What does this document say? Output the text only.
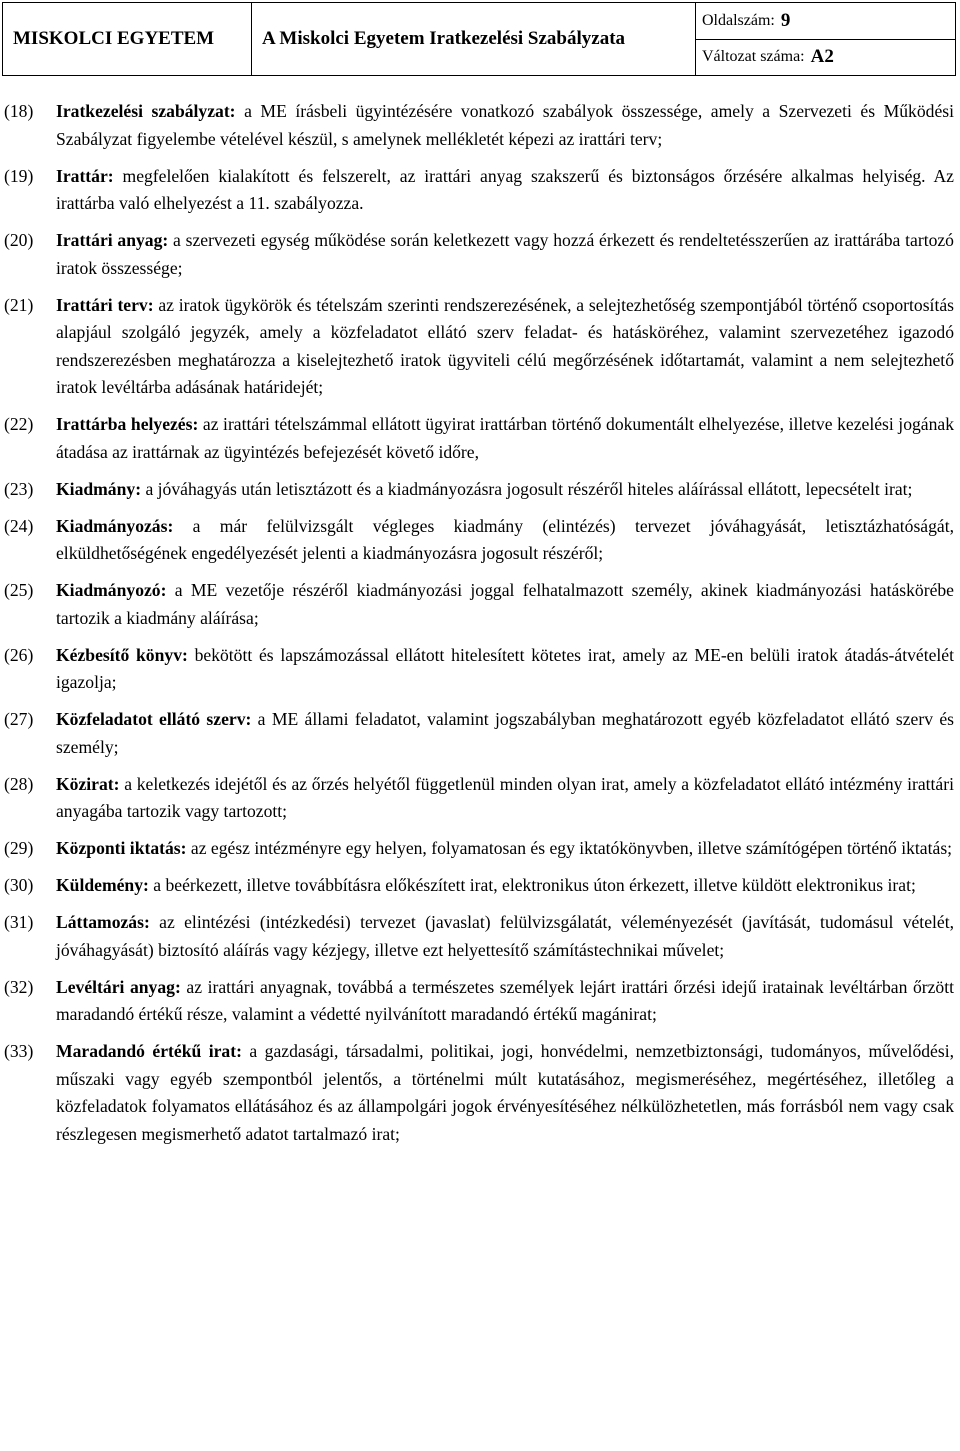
MISKOLCI EGYETEM	A Miskolci Egyetem Iratkezelési Szabályzata
Oldalszám: 9
Változat száma: A2
(18)	Iratkezelési szabályzat: a ME írásbeli ügyintézésére vonatkozó szabályok összessége, amely a Szervezeti és Működési Szabályzat figyelembe vételével készül, s amelynek mellékletét képezi az irattári terv;
(19)	Irattár: megfelelően kialakított és felszerelt, az irattári anyag szakszerű és biztonságos őrzésére alkalmas helyiség. Az irattárba való elhelyezést a 11. szabályozza.
(20)	Irattári anyag: a szervezeti egység működése során keletkezett vagy hozzá érkezett és rendeltetésszerűen az irattárába tartozó iratok összessége;
(21)	Irattári terv: az iratok ügykörök és tételszám szerinti rendszerezésének, a selejtezhetőség szempontjából történő csoportosítás alapjául szolgáló jegyzék, amely a közfeladatot ellátó szerv feladat- és hatásköréhez, valamint szervezetéhez igazodó rendszerezésben meghatározza a kiselejtezhető iratok ügyviteli célú megőrzésének időtartamát, valamint a nem selejtezhető iratok levéltárba adásának határidejét;
(22)	Irattárba helyezés: az irattári tételszámmal ellátott ügyirat irattárban történő dokumentált elhelyezése, illetve kezelési jogának átadása az irattárnak az ügyintézés befejezését követő időre,
(23)	Kiadmány: a jóváhagyás után letisztázott és a kiadmányozásra jogosult részéről hiteles aláírással ellátott, lepecsételt irat;
(24)	Kiadmányozás: a már felülvizsgált végleges kiadmány (elintézés) tervezet jóváhagyását, letisztázhatóságát, elküldhetőségének engedélyezését jelenti a kiadmányozásra jogosult részéről;
(25)	Kiadmányozó: a ME vezetője részéről kiadmányozási joggal felhatalmazott személy, akinek kiadmányozási hatáskörébe tartozik a kiadmány aláírása;
(26)	Kézbesítő könyv: bekötött és lapszámozással ellátott hitelesített kötetes irat, amely az ME-en belüli iratok átadás-átvételét igazolja;
(27)	Közfeladatot ellátó szerv: a ME állami feladatot, valamint jogszabályban meghatározott egyéb közfeladatot ellátó szerv és személy;
(28)	Közirat: a keletkezés idejétől és az őrzés helyétől függetlenül minden olyan irat, amely a közfeladatot ellátó intézmény irattári anyagába tartozik vagy tartozott;
(29)	Központi iktatás: az egész intézményre egy helyen, folyamatosan és egy iktatókönyvben, illetve számítógépen történő iktatás;
(30)	Küldemény: a beérkezett, illetve továbbításra előkészített irat, elektronikus úton érkezett, illetve küldött elektronikus irat;
(31)	Láttamozás: az elintézési (intézkedési) tervezet (javaslat) felülvizsgálatát, véleményezését (javítását, tudomásul vételét, jóváhagyását) biztosító aláírás vagy kézjegy, illetve ezt helyettesítő számítástechnikai művelet;
(32)	Levéltári anyag: az irattári anyagnak, továbbá a természetes személyek lejárt irattári őrzési idejű iratainak levéltárban őrzött maradandó értékű része, valamint a védetté nyilvánított maradandó értékű magánirat;
(33)	Maradandó értékű irat: a gazdasági, társadalmi, politikai, jogi, honvédelmi, nemzetbiztonsági, tudományos, művelődési, műszaki vagy egyéb szempontból jelentős, a történelmi múlt kutatásához, megismeréséhez, megértéséhez, illetőleg a közfeladatok folyamatos ellátásához és az állampolgári jogok érvényesítéséhez nélkülözhetetlen, más forrásból nem vagy csak részlegesen megismerhető adatot tartalmazó irat;
